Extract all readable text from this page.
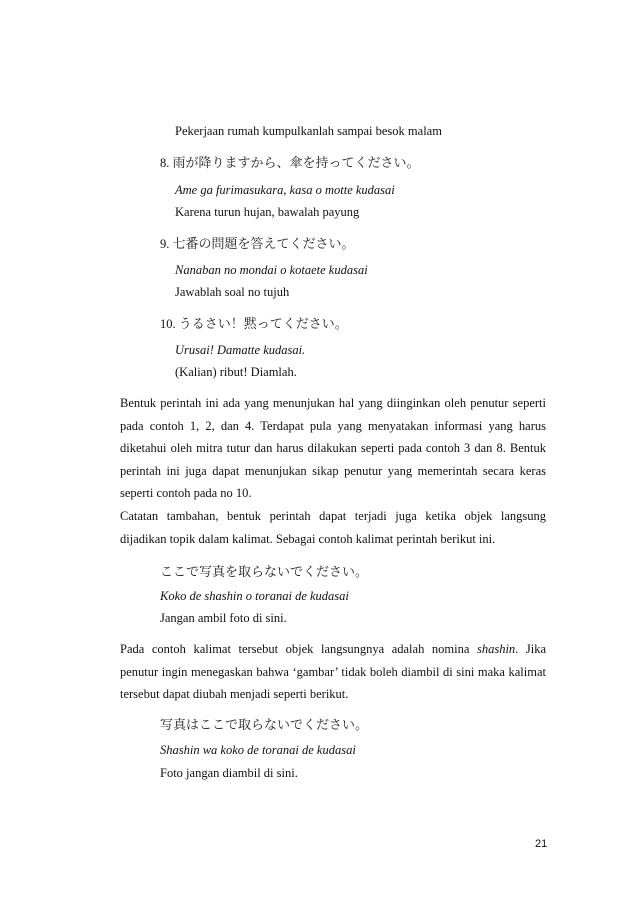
Pekerjaan rumah kumpulkanlah sampai besok malam
8. 雨が降りますから、傘を持ってください。
Ame ga furimasukara, kasa o motte kudasai
Karena turun hujan, bawalah payung
9. 七番の問題を答えてください。
Nanaban no mondai o kotaete kudasai
Jawablah soal no tujuh
10. うるさい！黙ってください。
Urusai! Damatte kudasai.
(Kalian) ribut! Diamlah.
Bentuk perintah ini ada yang menunjukan hal yang diinginkan oleh penutur seperti
pada contoh 1, 2, dan 4. Terdapat pula yang menyatakan informasi yang harus
diketahui oleh mitra tutur dan harus dilakukan seperti pada contoh 3 dan 8. Bentuk
perintah ini juga dapat menunjukan sikap penutur yang memerintah secara keras
seperti contoh pada no 10.
Catatan tambahan, bentuk perintah dapat terjadi juga ketika objek langsung
dijadikan topik dalam kalimat. Sebagai contoh kalimat perintah berikut ini.
ここで写真を取らないでください。
Koko de shashin o toranai de kudasai
Jangan ambil foto di sini.
Pada contoh kalimat tersebut objek langsungnya adalah nomina shashin. Jika
penutur ingin menegaskan bahwa ‘gambar’ tidak boleh diambil di sini maka kalimat
tersebut dapat diubah menjadi seperti berikut.
写真はここで取らないでください。
Shashin wa koko de toranai de kudasai
Foto jangan diambil di sini.
21
